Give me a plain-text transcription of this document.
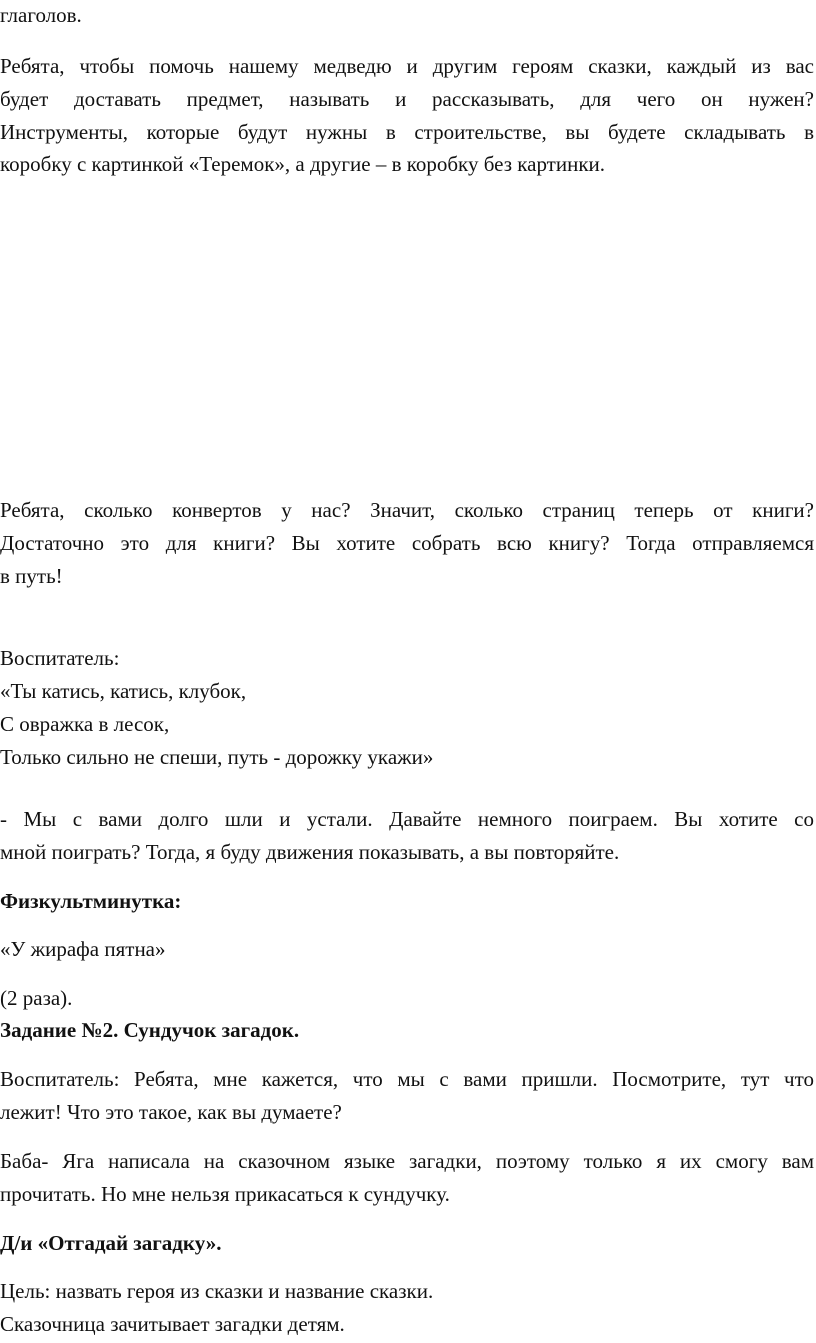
глаголов.
Ребята, чтобы помочь нашему медведю и другим героям сказки, каждый из вас
будет доставать предмет, называть и рассказывать, для чего он нужен?
Инструменты, которые будут нужны в строительстве, вы будете складывать в
коробку с картинкой «Теремок», а другие – в коробку без картинки.
Ребята, сколько конвертов у нас? Значит, сколько страниц теперь от книги?
Достаточно это для книги? Вы хотите собрать всю книгу? Тогда отправляемся
в путь!
Воспитатель:
«Ты катись, катись, клубок,
С овражка в лесок,
Только сильно не спеши, путь - дорожку укажи»
- Мы с вами долго шли и устали. Давайте немного поиграем. Вы хотите со
мной поиграть? Тогда, я буду движения показывать, а вы повторяйте.
Физкультминутка:
«У жирафа пятна»
(2 раза).
Задание №2. Сундучок загадок.
Воспитатель: Ребята, мне кажется, что мы с вами пришли. Посмотрите, тут что
лежит! Что это такое, как вы думаете?
Баба- Яга написала на сказочном языке загадки, поэтому только я их смогу вам
прочитать. Но мне нельзя прикасаться к сундучку.
Д/и «Отгадай загадку».
Цель: назвать героя из сказки и название сказки.
Сказочница зачитывает загадки детям.
